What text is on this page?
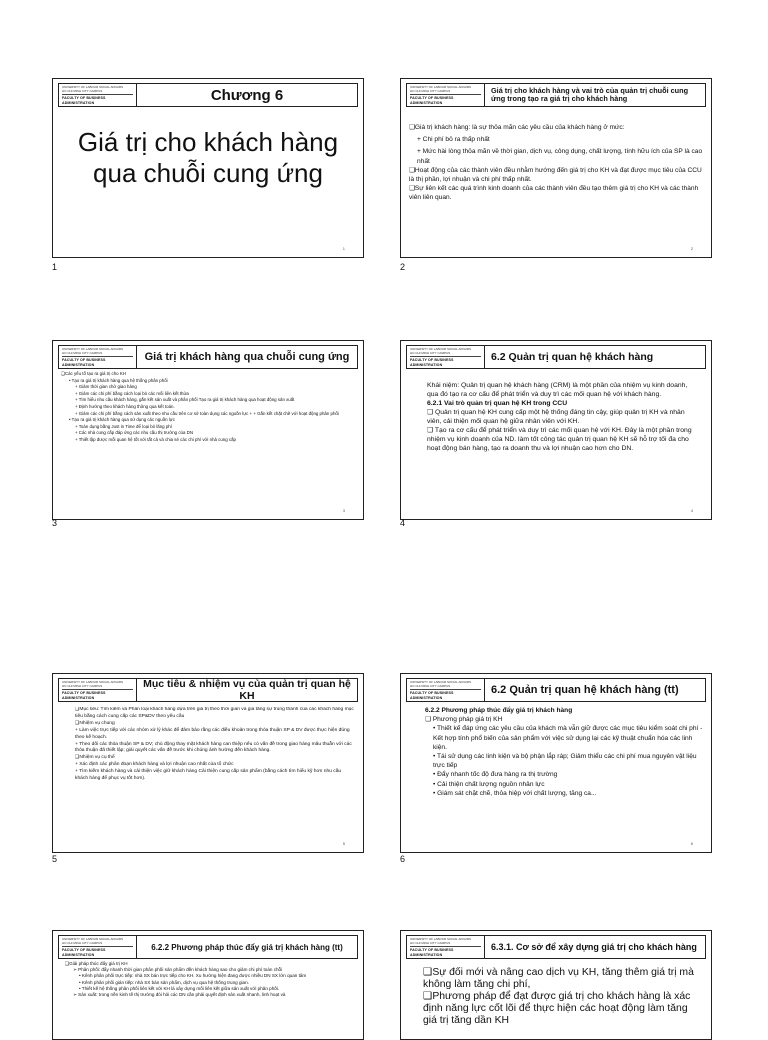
UNIVERSITY OF LABOUR SOCIAL AFFAIRS
HO CHI MINH CITY CAMPUS
FACULTY OF BUSINESS ADMINISTRATION	Chương 6
Giá trị cho khách hàng qua chuỗi cung ứng
1
1
UNIVERSITY OF LABOUR SOCIAL AFFAIRS
HO CHI MINH CITY CAMPUS
FACULTY OF BUSINESS ADMINISTRATION
Giá trị cho khách hàng và vai trò của quản trị chuỗi cung ứng trong tạo ra giá trị cho khách hàng

❑Giá trị khách hàng: là sự thỏa mãn các yêu cầu của khách hàng ở mức:

+ Chi phí bỏ ra thấp nhất

+ Mức hài lòng thỏa mãn về thời gian, dịch vụ, công dụng, chất lượng, tính hữu ích của SP là cao nhất

❑Hoạt động của các thành viên đều nhằm hướng đến giá trị cho KH và đạt được mục tiêu của CCU là thị phần, lợi nhuận và chi phí thấp nhất.

❑Sự liên kết các quá trình kinh doanh của các thành viên đều tạo thêm giá trị cho KH và các thành viên liên quan.

2
2
UNIVERSITY OF LABOUR SOCIAL AFFAIRS
HO CHI MINH CITY CAMPUS
FACULTY OF BUSINESS ADMINISTRATION
Giá trị khách hàng qua chuỗi cung ứng

❑Các yếu tố tạo ra giá trị cho KH

• Tạo ra giá trị khách hàng qua hệ thống phân phối

+ Giảm thời gian chờ giao hàng

+ Giảm các chi phí bằng cách loại bỏ các mối liên kết thừa

+ Tìm hiểu nhu cầu khách hàng, gắn kết sản xuất và phân phối Tạo ra giá trị khách hàng qua hoạt động sản xuất

+ Định hướng theo khách hàng thông qua kết toán.

+ Giảm các chi phí bằng cách sản xuất theo nhu cầu trên cơ sở toàn dụng các nguồn lực + + Gắn kết chặt chẽ với hoạt động phân phối

• Tạo ra giá trị khách hàng qua sử dụng các nguồn lực

+ Toàn dụng bằng Just in Time để loại bỏ lãng phí

+ Các nhà cung cấp đáp ứng các nhu cầu thị trường của DN

+ Thiết lập được mối quan hệ tốt với tất cả và chia sẻ các chi phí với nhà cung cấp

3
3
UNIVERSITY OF LABOUR SOCIAL AFFAIRS
HO CHI MINH CITY CAMPUS
FACULTY OF BUSINESS ADMINISTRATION
6.2 Quản trị quan hệ khách hàng

Khái niệm: Quản trị quan hệ khách hàng (CRM) là một phần của nhiệm vụ kinh doanh, qua đó tạo ra cơ cấu để phát triển và duy trì các mối quan hệ với khách hàng.

6.2.1 Vai trò quản trị quan hệ KH trong CCU

❑ Quản trị quan hệ KH cung cấp một hệ thống đáng tin cậy, giúp quản trị KH và nhân viên, cải thiện mối quan hệ giữa nhân viên với KH.

❑ Tạo ra cơ cấu để phát triển và duy trì các mối quan hệ với KH. Đây là một phần trong nhiệm vụ kinh doanh của ND. làm tốt công tác quản trị quan hệ KH sẽ hỗ trợ tối đa cho hoạt động bán hàng, tạo ra doanh thu và lợi nhuận cao hơn cho DN.

4
4
UNIVERSITY OF LABOUR SOCIAL AFFAIRS
HO CHI MINH CITY CAMPUS
FACULTY OF BUSINESS ADMINISTRATION
Mục tiêu & nhiệm vụ của quản trị quan hệ KH

❑Mục tiêu: Tìm kiếm và Phân loại khách hàng dựa trên giá trị theo thời gian và gia tăng sự trung thành của các khách hàng mục tiêu bằng cách cung cấp các SP&DV theo yêu cầu

❑Nhiệm vụ chung

+ Làm việc trực tiếp với các nhóm xử lý khác để đảm bảo rằng các điều khoản trong thỏa thuận SP & DV được thực hiện đúng theo kế hoạch.

+ Theo dõi các thỏa thuận SP & DV; chủ động thay mặt khách hàng can thiệp nếu có vấn đề trong giao hàng mâu thuẫn với các thỏa thuận đã thiết lập; giải quyết các vấn đề trước khi chúng ảnh hưởng đến khách hàng.

❑Nhiệm vụ cụ thể

+ Xác định các phân đoạn khách hàng và lợi nhuận cao nhất của tổ chức

+ Tìm kiếm khách hàng và cải thiện việc giữ khách hàng Cải thiện cung cấp sản phẩm (bằng cách tìm hiểu kỹ hơn nhu cầu khách hàng để phục vụ tốt hơn).

5
5
UNIVERSITY OF LABOUR SOCIAL AFFAIRS
HO CHI MINH CITY CAMPUS
FACULTY OF BUSINESS ADMINISTRATION
6.2 Quản trị quan hệ khách hàng (tt)

6.2.2 Phương pháp thúc đẩy giá trị khách hàng

❑ Phương pháp giá trị KH

• Thiết kế đáp ứng các yêu cầu của khách mà vẫn giữ được các mục tiêu kiểm soát chi phí - Kết hợp tính phổ biến của sản phẩm với việc sử dụng lại các kỹ thuật chuẩn hóa các linh kiện.

• Tái sử dụng các linh kiện và bộ phận lắp ráp; Giảm thiểu các chi phí mua nguyên vật liệu trực tiếp

• Đẩy nhanh tốc độ đưa hàng ra thị trường

• Cải thiện chất lượng nguồn nhân lực

• Giám sát chặt chẽ, thỏa hiệp với chất lượng, tăng ca...

6
6
UNIVERSITY OF LABOUR SOCIAL AFFAIRS
HO CHI MINH CITY CAMPUS
FACULTY OF BUSINESS ADMINISTRATION
6.2.2 Phương pháp thúc đẩy giá trị khách hàng (tt)

❑Giải pháp thúc đẩy giá trị KH

➢ Phân phối: đẩy nhanh thời gian phân phối sản phẩm đến khách hàng sao cho giảm chi phí toàn chỗi

• Kênh phân phối trực tiếp: nhà SX bán trực tiếp cho KH. Xu hướng hiện đang được nhiều DN SX lớn quan tâm

• Kênh phân phối gián tiếp: nhà SX bán sản phẩm, dịch vụ qua hệ thống trung gian.

• Thiết kế hệ thống phân phối liên kết với KH là xây dựng mối liên kết giữa sản xuất với phân phối.

➢ Sản xuất: trong nền kinh tế thị trường đòi hỏi các DN cần phải quyết định sản xuất nhanh, linh hoạt và

UNIVERSITY OF LABOUR SOCIAL AFFAIRS
HO CHI MINH CITY CAMPUS
FACULTY OF BUSINESS ADMINISTRATION
6.3.1. Cơ sở để xây dựng giá trị cho khách hàng

❑Sự đổi mới và nâng cao dịch vụ KH, tăng thêm giá trị mà không làm tăng chi phí,

❑Phương pháp để đạt được giá trị cho khách hàng là xác định năng lực cốt lõi để thực hiện các hoạt động làm tăng giá trị tăng dần KH
